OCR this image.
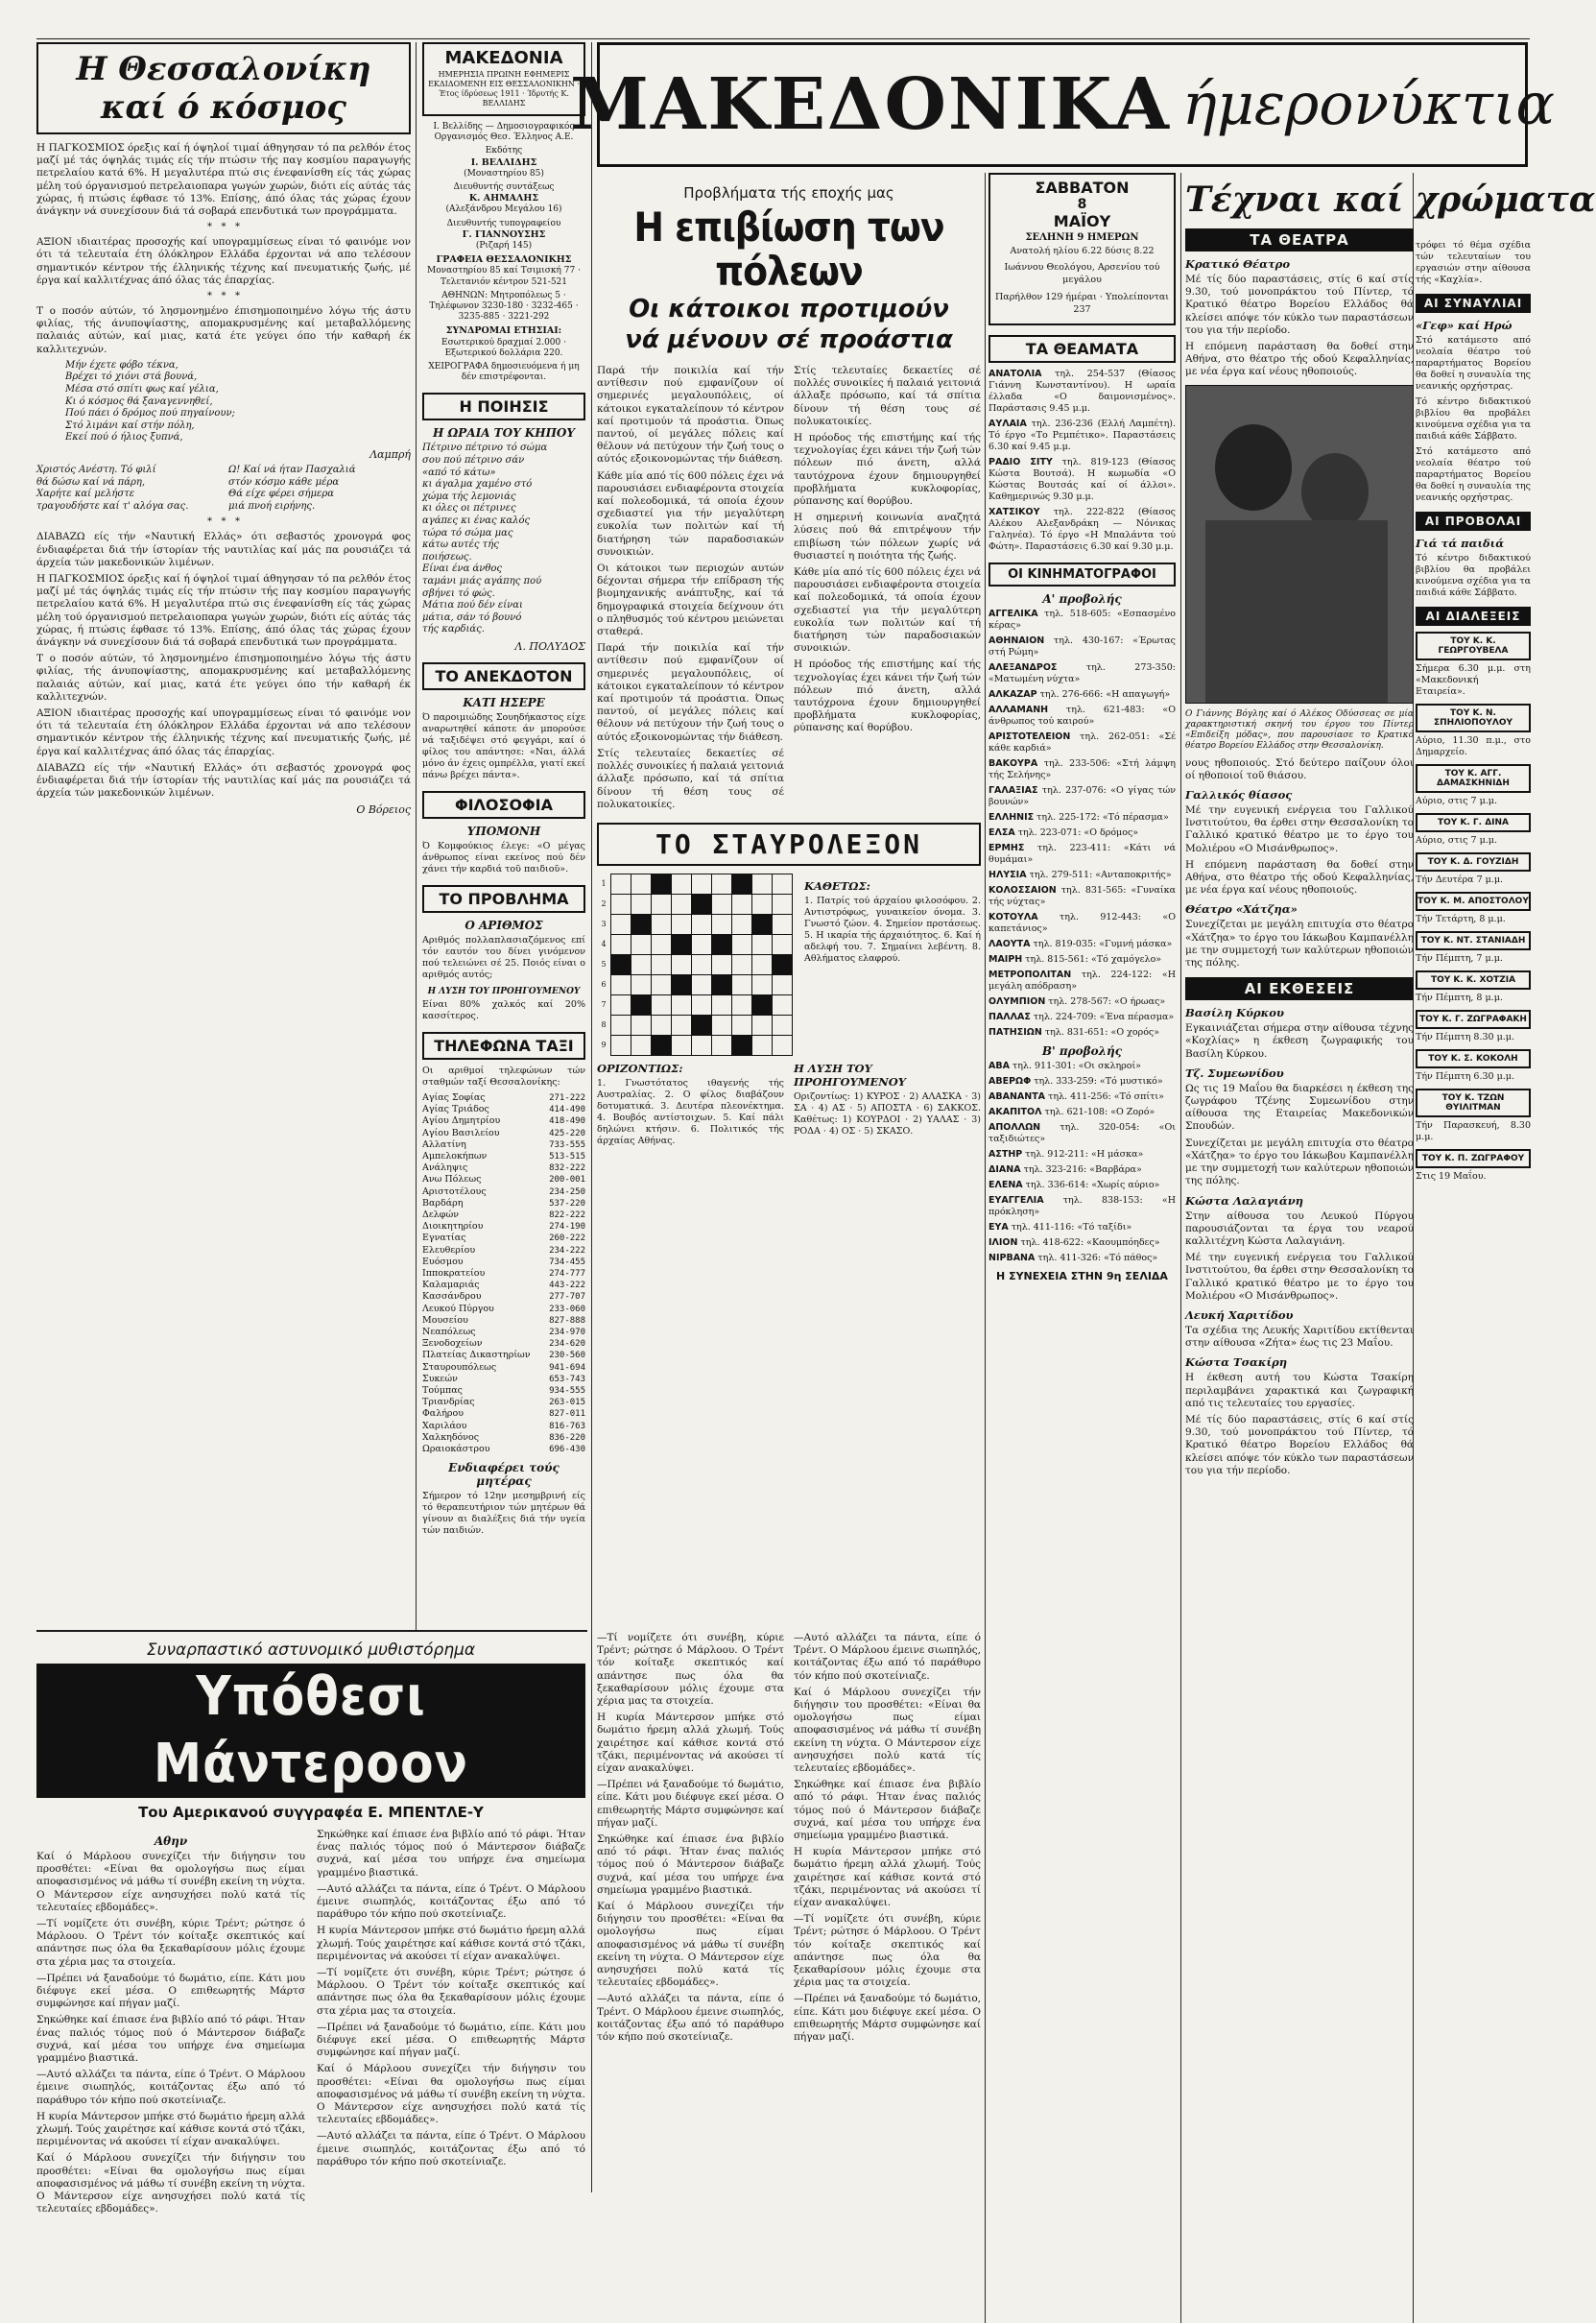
Η Θεσσαλονίκη
καί ό κόσμος

Η ΠΑΓΚΟΣΜΙΟΣ όρεξις καί ή όψηλοί τιμαί άθηγησαν τό πα ρελθόν έτος μαζί μέ τάς όψηλάς τιμάς είς τήν πτώσιν τής παγ κοσμίου παραγωγής πετρελαίου κατά 6%. Η μεγαλυτέρα πτώ σις ένεφανίσθη είς τάς χώρας μέλη τού όργανισμού πετρελαιοπαρα γωγών χωρών, διότι είς αύτάς τάς χώρας, ή πτώσις έφθασε τό 13%. Επίσης, άπό όλας τάς χώρας έχουν άνάγκην νά συνεχίσουν διά τά σοβαρά επενδυτικά των προγράμματα.

*   *   *

ΑΞΙΟΝ ιδιαιτέρας προσοχής καί υπογραμμίσεως είναι τό φαινόμε νον ότι τά τελευταία έτη όλόκληρον Ελλάδα έρχονται νά απο τελέσουν σημαντικόν κέντρον τής έλληνικής τέχνης καί πνευματικής ζωής, μέ έργα καί καλλιτέχνας άπό όλας τάς έπαρχίας.

*   *   *

Τ ο ποσόν αύτών, τό λησμονημένο έπισημοποιημένο λόγω τής άστυ φιλίας, τής άνυποψίαστης, απομακρυσμένης καί μεταβαλλόμενης παλαιάς αύτών, καί μιας, κατά έτε γεύγει όπο τήν καθαρή έκ καλλιτεχνών.

Μήν έχετε φόβο τέκνα,

Βρέχει τό χιόνι στά βουνά,

Μέσα στό σπίτι φως καί γέλια,

Κι ό κόσμος θά ξαναγεννηθεί,

Πού πάει ό δρόμος πού πηγαίνουν;

Στό λιμάνι καί στήν πόλη,

Εκεί πού ό ήλιος ξυπνά,

Λαμπρή

Χριστός Ανέστη. Τό φιλί

θά δώσω καί νά πάρη,

Χαρήτε καί μελήστε

τραγουδήστε καί τ' αλόγα σας.

Ω! Καί νά ήταν Πασχαλιά

στόν κόσμο κάθε μέρα

Θά είχε φέρει σήμερα

μιά πνοή ειρήνης.

*   *   *

ΔΙΑΒΑΖΩ είς τήν «Ναυτική Ελλάς» ότι σεβαστός χρονογρά φος ένδιαφέρεται διά τήν ίστορίαν τής ναυτιλίας καί μάς πα ρουσιάζει τά άρχεία τών μακεδονικών λιμένων.

Η ΠΑΓΚΟΣΜΙΟΣ όρεξις καί ή όψηλοί τιμαί άθηγησαν τό πα ρελθόν έτος μαζί μέ τάς όψηλάς τιμάς είς τήν πτώσιν τής παγ κοσμίου παραγωγής πετρελαίου κατά 6%. Η μεγαλυτέρα πτώ σις ένεφανίσθη είς τάς χώρας μέλη τού όργανισμού πετρελαιοπαρα γωγών χωρών, διότι είς αύτάς τάς χώρας, ή πτώσις έφθασε τό 13%. Επίσης, άπό όλας τάς χώρας έχουν άνάγκην νά συνεχίσουν διά τά σοβαρά επενδυτικά των προγράμματα.

Τ ο ποσόν αύτών, τό λησμονημένο έπισημοποιημένο λόγω τής άστυ φιλίας, τής άνυποψίαστης, απομακρυσμένης καί μεταβαλλόμενης παλαιάς αύτών, καί μιας, κατά έτε γεύγει όπο τήν καθαρή έκ καλλιτεχνών.

ΑΞΙΟΝ ιδιαιτέρας προσοχής καί υπογραμμίσεως είναι τό φαινόμε νον ότι τά τελευταία έτη όλόκληρον Ελλάδα έρχονται νά απο τελέσουν σημαντικόν κέντρον τής έλληνικής τέχνης καί πνευματικής ζωής, μέ έργα καί καλλιτέχνας άπό όλας τάς έπαρχίας.

ΔΙΑΒΑΖΩ είς τήν «Ναυτική Ελλάς» ότι σεβαστός χρονογρά φος ένδιαφέρεται διά τήν ίστορίαν τής ναυτιλίας καί μάς πα ρουσιάζει τά άρχεία τών μακεδονικών λιμένων.

Ο Βόρειος
ΜΑΚΕΔΟΝΙΑ
ΗΜΕΡΗΣΙΑ ΠΡΩΙΝΗ ΕΦΗΜΕΡΙΣ ΕΚΔΙΔΟΜΕΝΗ ΕΙΣ ΘΕΣΣΑΛΟΝΙΚΗΝ · Έτος ίδρύσεως 1911 · Ίδρυτής Κ. ΒΕΛΛΙΔΗΣ
Ι. Βελλίδης — Δημοσιογραφικός Οργανισμός Θεσ. Έλληνος Α.Ε.
Εκδότης
Ι. ΒΕΛΛΙΔΗΣ
(Μοναστηρίου 85)
Διευθυντής συντάξεως
Κ. ΑΗΜΑΛΗΣ
(Αλεξάνδρου Μεγάλου 16)
Διευθυντής τυπογραφείου
Γ. ΓΙΑΝΝΟΥΣΗΣ
(Ριζαρή 145)
ΓΡΑΦΕΙΑ ΘΕΣΣΑΛΟΝΙΚΗΣ
Μοναστηρίου 85 καί Τσιμισκή 77 · Τελετανιόν κέντρον 521-521
ΑΘΗΝΩΝ: Μητροπόλεως 5 · Τηλέφωνον 3230-180 · 3232-465 · 3235-885 · 3221-292
ΣΥΝΔΡΟΜΑΙ ΕΤΗΣΙΑΙ: Εσωτερικού δραχμαί 2.000 · Εξωτερικού δολλάρια 220.
ΧΕΙΡΟΓΡΑΦΑ δημοσιευόμενα ή μη δέν επιστρέφονται.
Η ΠΟΙΗΣΙΣ
Η ΩΡΑΙΑ ΤΟΥ ΚΗΠΟΥ

Πέτρινο πέτρινο τό σώμα

σου πού πέτρινο σάν

«από τό κάτω»

κι άγαλμα χαμένο στό

χώμα τής λεμονιάς

κι όλες οι πέτρινες

αγάπες κι ένας καλός

τώρα τό σώμα μας

κάτω αυτές τής

ποιήσεως.

Είναι ένα άνθος

ταμάνι μιάς αγάπης πού

σβήνει τό φώς.

Μάτια πού δέν είναι

μάτια, σάν τό βουνό

τής καρδιάς.

Λ. ΠΟΛΥΔΟΣ
ΤΟ ΑΝΕΚΔΟΤΟΝ
ΚΑΤΙ ΗΣΕΡΕ

Ό παροιμιώδης Σουηδήκαστος είχε αναρωτηθεί κάποτε άν μπορούσε νά ταξιδέψει στό φεγγάρι, καί ό φίλος του απάντησε: «Ναι, άλλά μόνο άν έχεις ομπρέλλα, γιατί εκεί πάνω βρέχει πάντα».

ΦΙΛΟΣΟΦΙΑ
ΥΠΟΜΟΝΗ

Ό Κομφούκιος έλεγε: «Ο μέγας άνθρωπος είναι εκείνος πού δέν χάνει τήν καρδιά τοῦ παιδιοῦ».

ΤΟ ΠΡΟΒΛΗΜΑ
Ο ΑΡΙΘΜΟΣ

Αριθμός πολλαπλασιαζόμενος επί τόν εαυτόν του δίνει γινόμενον πού τελειώνει σέ 25. Ποιός είναι ο αριθμός αυτός;

Η ΛΥΣΗ ΤΟΥ ΠΡΟΗΓΟΥΜΕΝΟΥ

Είναι 80% χαλκός καί 20% κασσίτερος.

ΤΗΛΕΦΩΝΑ ΤΑΞΙ

Οι αριθμοί τηλεφώνων τών σταθμών ταξί Θεσσαλονίκης:

Αγίας Σοφίας	271-222
Αγίας Τριάδος	414-490
Αγίου Δημητρίου	418-490
Αγίου Βασιλείου	425-220
Αλλατίνη	733-555
Αμπελοκήπων	513-515
Ανάληψις	832-222
Ανω Πόλεως	200-001
Αριστοτέλους	234-250
Βαρδάρη	537-220
Δελφών	822-222
Διοικητηρίου	274-190
Εγνατίας	260-222
Ελευθερίου	234-222
Ευόσμου	734-455
Ιπποκρατείου	274-777
Καλαμαριάς	443-222
Κασσάνδρου	277-707
Λευκού Πύργου	233-060
Μουσείου	827-888
Νεαπόλεως	234-970
Ξενοδοχείων	234-620
Πλατείας Δικαστηρίων	230-560
Σταυρουπόλεως	941-694
Συκεών	653-743
Τούμπας	934-555
Τριανδρίας	263-015
Φαλήρου	827-011
Χαριλάου	816-763
Χαλκηδόνος	836-220
Ωραιοκάστρου	696-430
Ενδιαφέρει τούς μητέρας

Σήμερον τό 12ην μεσημβρινή είς τό θεραπευτήριον τών μητέρων θά γίνουν αι διαλέξεις διά τήν υγεία τών παιδιών.

ΜΑΚΕΔΟΝΙΚΑ ήμερονύκτια
Προβλήματα τής εποχής μας
Η επιβίωση των πόλεων
Οι κάτοικοι προτιμούν
νά μένουν σέ προάστια

Παρά τήν ποικιλία καί τήν αντίθεσιν πού εμφανίζουν οί σημερινές μεγαλουπόλεις, οί κάτοικοι εγκαταλείπουν τό κέντρον καί προτιμούν τά προάστια. Όπως παντού, οί μεγάλες πόλεις καί θέλουν νά πετύχουν τήν ζωή τους ο αύτός εξοικονομώντας τήν διάθεση.

Κάθε μία από τίς 600 πόλεις έχει νά παρουσιάσει ενδιαφέροντα στοιχεία καί πολεοδομικά, τά οποία έχουν σχεδιαστεί για τήν μεγαλύτερη ευκολία των πολιτών καί τή διατήρηση τών παραδοσιακών συνοικιών.

Οι κάτοικοι των περιοχών αυτών δέχονται σήμερα τήν επίδραση τής βιομηχανικής ανάπτυξης, καί τά δημογραφικά στοιχεία δείχνουν ότι ο πληθυσμός τού κέντρου μειώνεται σταθερά.

Παρά τήν ποικιλία καί τήν αντίθεσιν πού εμφανίζουν οί σημερινές μεγαλουπόλεις, οί κάτοικοι εγκαταλείπουν τό κέντρον καί προτιμούν τά προάστια. Όπως παντού, οί μεγάλες πόλεις καί θέλουν νά πετύχουν τήν ζωή τους ο αύτός εξοικονομώντας τήν διάθεση.

Στίς τελευταίες δεκαετίες σέ πολλές συνοικίες ή παλαιά γειτονιά άλλαξε πρόσωπο, καί τά σπίτια δίνουν τή θέση τους σέ πολυκατοικίες.

Στίς τελευταίες δεκαετίες σέ πολλές συνοικίες ή παλαιά γειτονιά άλλαξε πρόσωπο, καί τά σπίτια δίνουν τή θέση τους σέ πολυκατοικίες.

Η πρόοδος τής επιστήμης καί τής τεχνολογίας έχει κάνει τήν ζωή τών πόλεων πιό άνετη, αλλά ταυτόχρονα έχουν δημιουργηθεί προβλήματα κυκλοφορίας, ρύπανσης καί θορύβου.

Η σημερινή κοινωνία αναζητά λύσεις πού θά επιτρέψουν τήν επιβίωση τών πόλεων χωρίς νά θυσιαστεί η ποιότητα τής ζωής.

Κάθε μία από τίς 600 πόλεις έχει νά παρουσιάσει ενδιαφέροντα στοιχεία καί πολεοδομικά, τά οποία έχουν σχεδιαστεί για τήν μεγαλύτερη ευκολία των πολιτών καί τή διατήρηση τών παραδοσιακών συνοικιών.

Η πρόοδος τής επιστήμης καί τής τεχνολογίας έχει κάνει τήν ζωή τών πόλεων πιό άνετη, αλλά ταυτόχρονα έχουν δημιουργηθεί προβλήματα κυκλοφορίας, ρύπανσης καί θορύβου.

ΤΟ ΣΤΑΥΡΟΛΕΞΟΝ
1									
2									
3									
4									
5									
6									
7									
8									
9									
ΚΑΘΕΤΩΣ:

1. Πατρίς τού άρχαίου φιλοσόφου. 2. Αντιστρόφως, γυναικείον όνομα. 3. Γνωστό ζώον. 4. Σημείον προτάσεως. 5. Η ικαρία τής άρχαιότητος. 6. Καί ή αδελφή του. 7. Σημαίνει λεβέντη. 8. Αθλήματος ελαφρού.

ΟΡΙΖΟΝΤΙΩΣ:

1. Γνωστότατος ιθαγενής τής Αυστραλίας. 2. Ο φίλος διαβάζουν δοτυματικά. 3. Δευτέρα πλεονέκτημα. 4. Βουβός αντίστοιχων. 5. Καί πάλι δηλώνει κτήσιν. 6. Πολιτικός τής άρχαίας Αθήνας.

Η ΛΥΣΗ ΤΟΥ ΠΡΟΗΓΟΥΜΕΝΟΥ

Οριζοντίως: 1) ΚΥΡΟΣ · 2) ΑΛΑΣΚΑ · 3) ΣΑ · 4) ΑΣ · 5) ΑΠΟΣΤΑ · 6) ΣΑΚΚΟΣ. Καθέτως: 1) ΚΟΥΡΔΟΙ · 2) ΥΑΛΑΣ · 3) ΡΟΔΑ · 4) ΟΣ · 5) ΣΚΑΣΟ.

Συναρπαστικό αστυνομικό μυθιστόρημα
Υπόθεσι Μάντεροον
Του Αμερικανού συγγραφέα Ε. ΜΠΕΝΤΛΕ-Υ
Αθην

Καί ό Μάρλοου συνεχίζει τήν διήγησιν του προσθέτει: «Είναι θα ομολογήσω πως είμαι αποφασισμένος νά μάθω τί συνέβη εκείνη τη νύχτα. Ο Μάντερσον είχε ανησυχήσει πολύ κατά τίς τελευταίες εβδομάδες».

—Τί νομίζετε ότι συνέβη, κύριε Τρέντ; ρώτησε ό Μάρλοου. Ο Τρέντ τόν κοίταξε σκεπτικός καί απάντησε πως όλα θα ξεκαθαρίσουν μόλις έχουμε στα χέρια μας τα στοιχεία.

—Πρέπει νά ξαναδούμε τό δωμάτιο, είπε. Κάτι μου διέφυγε εκεί μέσα. Ο επιθεωρητής Μάρτσ συμφώνησε καί πήγαν μαζί.

Σηκώθηκε καί έπιασε ένα βιβλίο από τό ράφι. Ήταν ένας παλιός τόμος πού ό Μάντερσον διάβαζε συχνά, καί μέσα του υπήρχε ένα σημείωμα γραμμένο βιαστικά.

—Αυτό αλλάζει τα πάντα, είπε ό Τρέντ. Ο Μάρλοου έμεινε σιωπηλός, κοιτάζοντας έξω από τό παράθυρο τόν κήπο πού σκοτείνιαζε.

Η κυρία Μάντερσον μπήκε στό δωμάτιο ήρεμη αλλά χλωμή. Τούς χαιρέτησε καί κάθισε κοντά στό τζάκι, περιμένοντας νά ακούσει τί είχαν ανακαλύψει.

Καί ό Μάρλοου συνεχίζει τήν διήγησιν του προσθέτει: «Είναι θα ομολογήσω πως είμαι αποφασισμένος νά μάθω τί συνέβη εκείνη τη νύχτα. Ο Μάντερσον είχε ανησυχήσει πολύ κατά τίς τελευταίες εβδομάδες».

Σηκώθηκε καί έπιασε ένα βιβλίο από τό ράφι. Ήταν ένας παλιός τόμος πού ό Μάντερσον διάβαζε συχνά, καί μέσα του υπήρχε ένα σημείωμα γραμμένο βιαστικά.

—Αυτό αλλάζει τα πάντα, είπε ό Τρέντ. Ο Μάρλοου έμεινε σιωπηλός, κοιτάζοντας έξω από τό παράθυρο τόν κήπο πού σκοτείνιαζε.

Η κυρία Μάντερσον μπήκε στό δωμάτιο ήρεμη αλλά χλωμή. Τούς χαιρέτησε καί κάθισε κοντά στό τζάκι, περιμένοντας νά ακούσει τί είχαν ανακαλύψει.

—Τί νομίζετε ότι συνέβη, κύριε Τρέντ; ρώτησε ό Μάρλοου. Ο Τρέντ τόν κοίταξε σκεπτικός καί απάντησε πως όλα θα ξεκαθαρίσουν μόλις έχουμε στα χέρια μας τα στοιχεία.

—Πρέπει νά ξαναδούμε τό δωμάτιο, είπε. Κάτι μου διέφυγε εκεί μέσα. Ο επιθεωρητής Μάρτσ συμφώνησε καί πήγαν μαζί.

Καί ό Μάρλοου συνεχίζει τήν διήγησιν του προσθέτει: «Είναι θα ομολογήσω πως είμαι αποφασισμένος νά μάθω τί συνέβη εκείνη τη νύχτα. Ο Μάντερσον είχε ανησυχήσει πολύ κατά τίς τελευταίες εβδομάδες».

—Αυτό αλλάζει τα πάντα, είπε ό Τρέντ. Ο Μάρλοου έμεινε σιωπηλός, κοιτάζοντας έξω από τό παράθυρο τόν κήπο πού σκοτείνιαζε.

—Τί νομίζετε ότι συνέβη, κύριε Τρέντ; ρώτησε ό Μάρλοου. Ο Τρέντ τόν κοίταξε σκεπτικός καί απάντησε πως όλα θα ξεκαθαρίσουν μόλις έχουμε στα χέρια μας τα στοιχεία.

Η κυρία Μάντερσον μπήκε στό δωμάτιο ήρεμη αλλά χλωμή. Τούς χαιρέτησε καί κάθισε κοντά στό τζάκι, περιμένοντας νά ακούσει τί είχαν ανακαλύψει.

—Πρέπει νά ξαναδούμε τό δωμάτιο, είπε. Κάτι μου διέφυγε εκεί μέσα. Ο επιθεωρητής Μάρτσ συμφώνησε καί πήγαν μαζί.

Σηκώθηκε καί έπιασε ένα βιβλίο από τό ράφι. Ήταν ένας παλιός τόμος πού ό Μάντερσον διάβαζε συχνά, καί μέσα του υπήρχε ένα σημείωμα γραμμένο βιαστικά.

Καί ό Μάρλοου συνεχίζει τήν διήγησιν του προσθέτει: «Είναι θα ομολογήσω πως είμαι αποφασισμένος νά μάθω τί συνέβη εκείνη τη νύχτα. Ο Μάντερσον είχε ανησυχήσει πολύ κατά τίς τελευταίες εβδομάδες».

—Αυτό αλλάζει τα πάντα, είπε ό Τρέντ. Ο Μάρλοου έμεινε σιωπηλός, κοιτάζοντας έξω από τό παράθυρο τόν κήπο πού σκοτείνιαζε.

—Αυτό αλλάζει τα πάντα, είπε ό Τρέντ. Ο Μάρλοου έμεινε σιωπηλός, κοιτάζοντας έξω από τό παράθυρο τόν κήπο πού σκοτείνιαζε.

Καί ό Μάρλοου συνεχίζει τήν διήγησιν του προσθέτει: «Είναι θα ομολογήσω πως είμαι αποφασισμένος νά μάθω τί συνέβη εκείνη τη νύχτα. Ο Μάντερσον είχε ανησυχήσει πολύ κατά τίς τελευταίες εβδομάδες».

Σηκώθηκε καί έπιασε ένα βιβλίο από τό ράφι. Ήταν ένας παλιός τόμος πού ό Μάντερσον διάβαζε συχνά, καί μέσα του υπήρχε ένα σημείωμα γραμμένο βιαστικά.

Η κυρία Μάντερσον μπήκε στό δωμάτιο ήρεμη αλλά χλωμή. Τούς χαιρέτησε καί κάθισε κοντά στό τζάκι, περιμένοντας νά ακούσει τί είχαν ανακαλύψει.

—Τί νομίζετε ότι συνέβη, κύριε Τρέντ; ρώτησε ό Μάρλοου. Ο Τρέντ τόν κοίταξε σκεπτικός καί απάντησε πως όλα θα ξεκαθαρίσουν μόλις έχουμε στα χέρια μας τα στοιχεία.

—Πρέπει νά ξαναδούμε τό δωμάτιο, είπε. Κάτι μου διέφυγε εκεί μέσα. Ο επιθεωρητής Μάρτσ συμφώνησε καί πήγαν μαζί.

ΣΑΒΒΑΤΟΝ
8
ΜΑΪΟΥ
ΣΕΛΗΝΗ 9 ΗΜΕΡΩΝ

Ανατολή ηλίου 6.22 δύσις 8.22

Ιωάννου Θεολόγου, Αρσενίου τού μεγάλου

Παρήλθον 129 ήμέραι · Υπολείπονται 237

ΤΑ ΘΕΑΜΑΤΑ

ΑΝΑΤΟΛΙΑ τηλ. 254-537 (Θίασος Γιάννη Κωνσταντίνου). Η ωραία έλλαδα «Ο δαιμονισμένος». Παράστασις 9.45 μ.μ.

ΑΥΛΑΙΑ τηλ. 236-236 (Ελλή Λαμπέτη). Τό έργο «Το Ρεμπέτικο». Παραστάσεις 6.30 καί 9.45 μ.μ.

ΡΑΔΙΟ ΣΙΤΥ τηλ. 819-123 (Θίασος Κώστα Βουτσά). Η κωμωδία «Ο Κώστας Βουτσάς καί οί άλλοι». Καθημερινώς 9.30 μ.μ.

ΧΑΤΣΙΚΟΥ τηλ. 222-822 (Θίασος Αλέκου Αλεξανδράκη — Νόνικας Γαληνέα). Τό έργο «Η Μπαλάντα τού Φώτη». Παραστάσεις 6.30 καί 9.30 μ.μ.

ΟΙ ΚΙΝΗΜΑΤΟΓΡΑΦΟΙ
Α' προβολής

ΑΓΓΕΛΙΚΑ τηλ. 518-605: «Εσπασμένο κέρας»

ΑΘΗΝΑΙΟΝ τηλ. 430-167: «Έρωτας στή Ρώμη»

ΑΛΕΞΑΝΔΡΟΣ τηλ. 273-350: «Ματωμένη νύχτα»

ΑΛΚΑΖΑΡ τηλ. 276-666: «Η απαγωγή»

ΑΛΛΑΜΑΝΗ τηλ. 621-483: «Ο άνθρωπος τού καιρού»

ΑΡΙΣΤΟΤΕΛΕΙΟΝ τηλ. 262-051: «Σέ κάθε καρδιά»

ΒΑΚΟΥΡΑ τηλ. 233-506: «Στή λάμψη τής Σελήνης»

ΓΑΛΑΞΙΑΣ τηλ. 237-076: «Ο γίγας τών βουνών»

ΕΛΛΗΝΙΣ τηλ. 225-172: «Τό πέρασμα»

ΕΛΣΑ τηλ. 223-071: «Ο δρόμος»

ΕΡΜΗΣ τηλ. 223-411: «Κάτι νά θυμάμαι»

ΗΛΥΣΙΑ τηλ. 279-511: «Ανταποκριτής»

ΚΟΛΟΣΣΑΙΟΝ τηλ. 831-565: «Γυναίκα τής νύχτας»

ΚΟΤΟΥΛΑ τηλ. 912-443: «Ο καπετάνιος»

ΛΑΟΥΤΑ τηλ. 819-035: «Γυμνή μάσκα»

ΜΑΙΡΗ τηλ. 815-561: «Τό χαμόγελο»

ΜΕΤΡΟΠΟΛΙΤΑΝ τηλ. 224-122: «Η μεγάλη απόδραση»

ΟΛΥΜΠΙΟΝ τηλ. 278-567: «Ο ήρωας»

ΠΑΛΛΑΣ τηλ. 224-709: «Ένα πέρασμα»

ΠΑΤΗΣΙΩΝ τηλ. 831-651: «Ο χορός»

Β' προβολής

ΑΒΑ τηλ. 911-301: «Οι σκληροί»

ΑΒΕΡΩΦ τηλ. 333-259: «Τό μυστικό»

ΑΒΑΝΑΝΤΑ τηλ. 411-256: «Τό σπίτι»

ΑΚΑΠΙΤΟΛ τηλ. 621-108: «Ο Ζορό»

ΑΠΟΛΛΩΝ τηλ. 320-054: «Οι ταξιδιώτες»

ΑΣΤΗΡ τηλ. 912-211: «Η μάσκα»

ΔΙΑΝΑ τηλ. 323-216: «Βαρβάρα»

ΕΛΕΝΑ τηλ. 336-614: «Χωρίς αύριο»

ΕΥΑΓΓΕΛΙΑ τηλ. 838-153: «Η πρόκληση»

ΕΥΑ τηλ. 411-116: «Τό ταξίδι»

ΙΛΙΟΝ τηλ. 418-622: «Καουμπόηδες»

ΝΙΡΒΑΝΑ τηλ. 411-326: «Τό πάθος»

Η ΣΥΝΕΧΕΙΑ ΣΤΗΝ 9η ΣΕΛΙΔΑ
Τέχναι καί χρώματα
ΤΑ ΘΕΑΤΡΑ
Κρατικό Θέατρο

Μέ τίς δύο παραστάσεις, στίς 6 καί στίς 9.30, τού μονοπράκτου τού Πίντερ, τό Κρατικό θέατρο Βορείου Ελλάδος θά κλείσει απόψε τόν κύκλο των παραστάσεων του για τήν περίοδο.

Η επόμενη παράσταση θα δοθεί στην Αθήνα, στο θέατρο τής οδού Κεφαλληνίας, με νέα έργα καί νέους ηθοποιούς.

Ο Γιάννης Βόγλης καί ό Αλέκος Οδύσσεας σε μία χαρακτηριστική σκηνή του έργου του Πίντερ «Επιδείξη μόδας», που παρουσίασε το Κρατικό θέατρο Βορείου Ελλάδος στην Θεσσαλονίκη.

νους ηθοποιούς. Στό δεύτερο παίζουν όλοι οί ηθοποιοί τοῦ θιάσου.

Γαλλικός θίασος

Μέ την ευγενική ενέργεια του Γαλλικού Ινστιτούτου, θα έρθει στην Θεσσαλονίκη το Γαλλικό κρατικό θέατρο με το έργο του Μολιέρου «Ο Μισάνθρωπος».

Η επόμενη παράσταση θα δοθεί στην Αθήνα, στο θέατρο τής οδού Κεφαλληνίας, με νέα έργα καί νέους ηθοποιούς.

Θέατρο «Χάτζηα»

Συνεχίζεται με μεγάλη επιτυχία στο θέατρο «Χάτζηα» το έργο του Ιάκωβου Καμπανέλλη με την συμμετοχή των καλύτερων ηθοποιών της πόλης.

ΑΙ ΕΚΘΕΣΕΙΣ
Βασίλη Κύρκου

Εγκαινιάζεται σήμερα στην αίθουσα τέχνης «Κοχλίας» η έκθεση ζωγραφικής του Βασίλη Κύρκου.

Τζ. Συμεωνίδου

Ως τις 19 Μαΐου θα διαρκέσει η έκθεση της ζωγράφου Τζένης Συμεωνίδου στην αίθουσα της Εταιρείας Μακεδονικών Σπουδών.

Συνεχίζεται με μεγάλη επιτυχία στο θέατρο «Χάτζηα» το έργο του Ιάκωβου Καμπανέλλη με την συμμετοχή των καλύτερων ηθοποιών της πόλης.

Κώστα Λαλαγιάνη

Στην αίθουσα του Λευκού Πύργου παρουσιάζονται τα έργα του νεαρού καλλιτέχνη Κώστα Λαλαγιάνη.

Μέ την ευγενική ενέργεια του Γαλλικού Ινστιτούτου, θα έρθει στην Θεσσαλονίκη το Γαλλικό κρατικό θέατρο με το έργο του Μολιέρου «Ο Μισάνθρωπος».

Λευκή Χαριτίδου

Τα σχέδια της Λευκής Χαριτίδου εκτίθενται στην αίθουσα «Ζήτα» έως τις 23 Μαΐου.

Κώστα Τσακίρη

Η έκθεση αυτή του Κώστα Τσακίρη περιλαμβάνει χαρακτικά και ζωγραφική από τις τελευταίες του εργασίες.

Μέ τίς δύο παραστάσεις, στίς 6 καί στίς 9.30, τού μονοπράκτου τού Πίντερ, τό Κρατικό θέατρο Βορείου Ελλάδος θά κλείσει απόψε τόν κύκλο των παραστάσεων του για τήν περίοδο.

τρόφει τό θέμα σχέδια τών τελευταίων του εργασιών στην αίθουσα τής «Καχλία».

ΑΙ ΣΥΝΑΥΛΙΑΙ
«Γεφ» καί Ηρώ

Στό κατάμεστο από νεολαία θέατρο τού παραρτήματος Βορείου θα δοθεί η συναυλία της νεανικής ορχήστρας.

Τό κέντρο διδακτικού βιβλίου θα προβάλει κινούμενα σχέδια για τα παιδιά κάθε Σάββατο.

Στό κατάμεστο από νεολαία θέατρο τού παραρτήματος Βορείου θα δοθεί η συναυλία της νεανικής ορχήστρας.

ΑΙ ΠΡΟΒΟΛΑΙ
Γιά τά παιδιά

Τό κέντρο διδακτικού βιβλίου θα προβάλει κινούμενα σχέδια για τα παιδιά κάθε Σάββατο.

ΑΙ ΔΙΑΛΕΞΕΙΣ
ΤΟΥ Κ. Κ. ΓΕΩΡΓΟΥΒΕΛΑ

Σήμερα 6.30 μ.μ. στη «Μακεδονική Εταιρεία».

ΤΟΥ Κ. Ν. ΣΠΗΛΙΟΠΟΥΛΟΥ

Αύριο, 11.30 π.μ., στο Δημαρχείο.

ΤΟΥ Κ. ΑΓΓ. ΔΑΜΑΣΚΗΝΙΔΗ

Αύριο, στις 7 μ.μ.

ΤΟΥ Κ. Γ. ΔΙΝΑ

Αύριο, στις 7 μ.μ.

ΤΟΥ Κ. Δ. ΓΟΥΖΙΔΗ

Τήν Δευτέρα 7 μ.μ.

ΤΟΥ Κ. Μ. ΑΠΟΣΤΟΛΟΥ

Τήν Τετάρτη, 8 μ.μ.

ΤΟΥ Κ. ΝΤ. ΣΤΑΝΙΑΔΗ

Τήν Πέμπτη, 7 μ.μ.

ΤΟΥ Κ. Κ. ΧΟΤΖΙΑ

Τήν Πέμπτη, 8 μ.μ.

ΤΟΥ Κ. Γ. ΖΩΓΡΑΦΑΚΗ

Τήν Πέμπτη 8.30 μ.μ.

ΤΟΥ Κ. Σ. ΚΟΚΟΛΗ

Τήν Πέμπτη 6.30 μ.μ.

ΤΟΥ Κ. ΤΖΩΝ ΘΥΙΛΙΤΜΑΝ

Τήν Παρασκευή, 8.30 μ.μ.

ΤΟΥ Κ. Π. ΖΩΓΡΑΦΟΥ

Στις 19 Μαΐου.
